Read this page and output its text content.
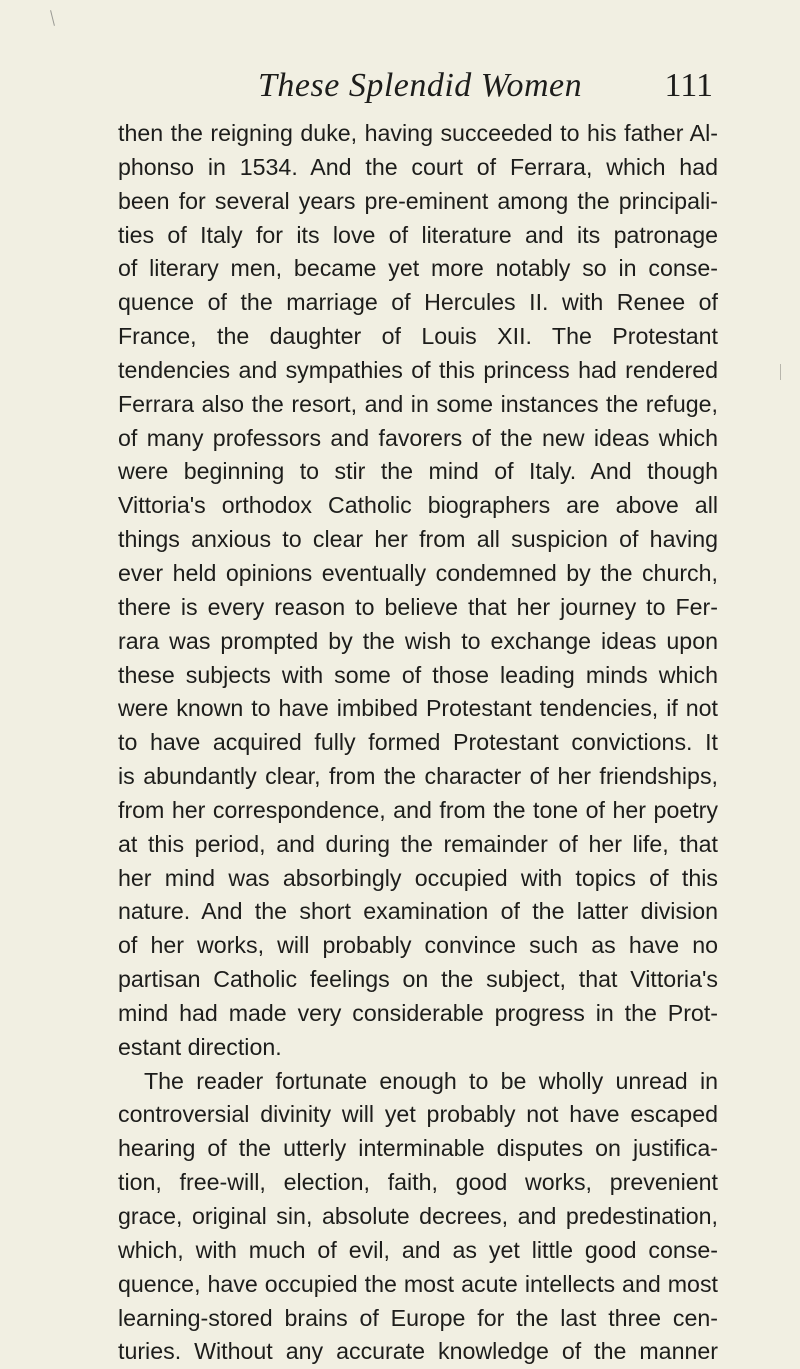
These Splendid Women 111
then the reigning duke, having succeeded to his father Al-
phonso in 1534. And the court of Ferrara, which had
been for several years pre-eminent among the principali-
ties of Italy for its love of literature and its patronage
of literary men, became yet more notably so in conse-
quence of the marriage of Hercules II. with Renee of
France, the daughter of Louis XII. The Protestant
tendencies and sympathies of this princess had rendered
Ferrara also the resort, and in some instances the refuge,
of many professors and favorers of the new ideas which
were beginning to stir the mind of Italy. And though
Vittoria's orthodox Catholic biographers are above all
things anxious to clear her from all suspicion of having
ever held opinions eventually condemned by the church,
there is every reason to believe that her journey to Fer-
rara was prompted by the wish to exchange ideas upon
these subjects with some of those leading minds which
were known to have imbibed Protestant tendencies, if not
to have acquired fully formed Protestant convictions. It
is abundantly clear, from the character of her friendships,
from her correspondence, and from the tone of her poetry
at this period, and during the remainder of her life, that
her mind was absorbingly occupied with topics of this
nature. And the short examination of the latter division
of her works, will probably convince such as have no
partisan Catholic feelings on the subject, that Vittoria's
mind had made very considerable progress in the Prot-
estant direction.
The reader fortunate enough to be wholly unread in
controversial divinity will yet probably not have escaped
hearing of the utterly interminable disputes on justifica-
tion, free-will, election, faith, good works, prevenient
grace, original sin, absolute decrees, and predestination,
which, with much of evil, and as yet little good conse-
quence, have occupied the most acute intellects and most
learning-stored brains of Europe for the last three cen-
turies. Without any accurate knowledge of the manner
